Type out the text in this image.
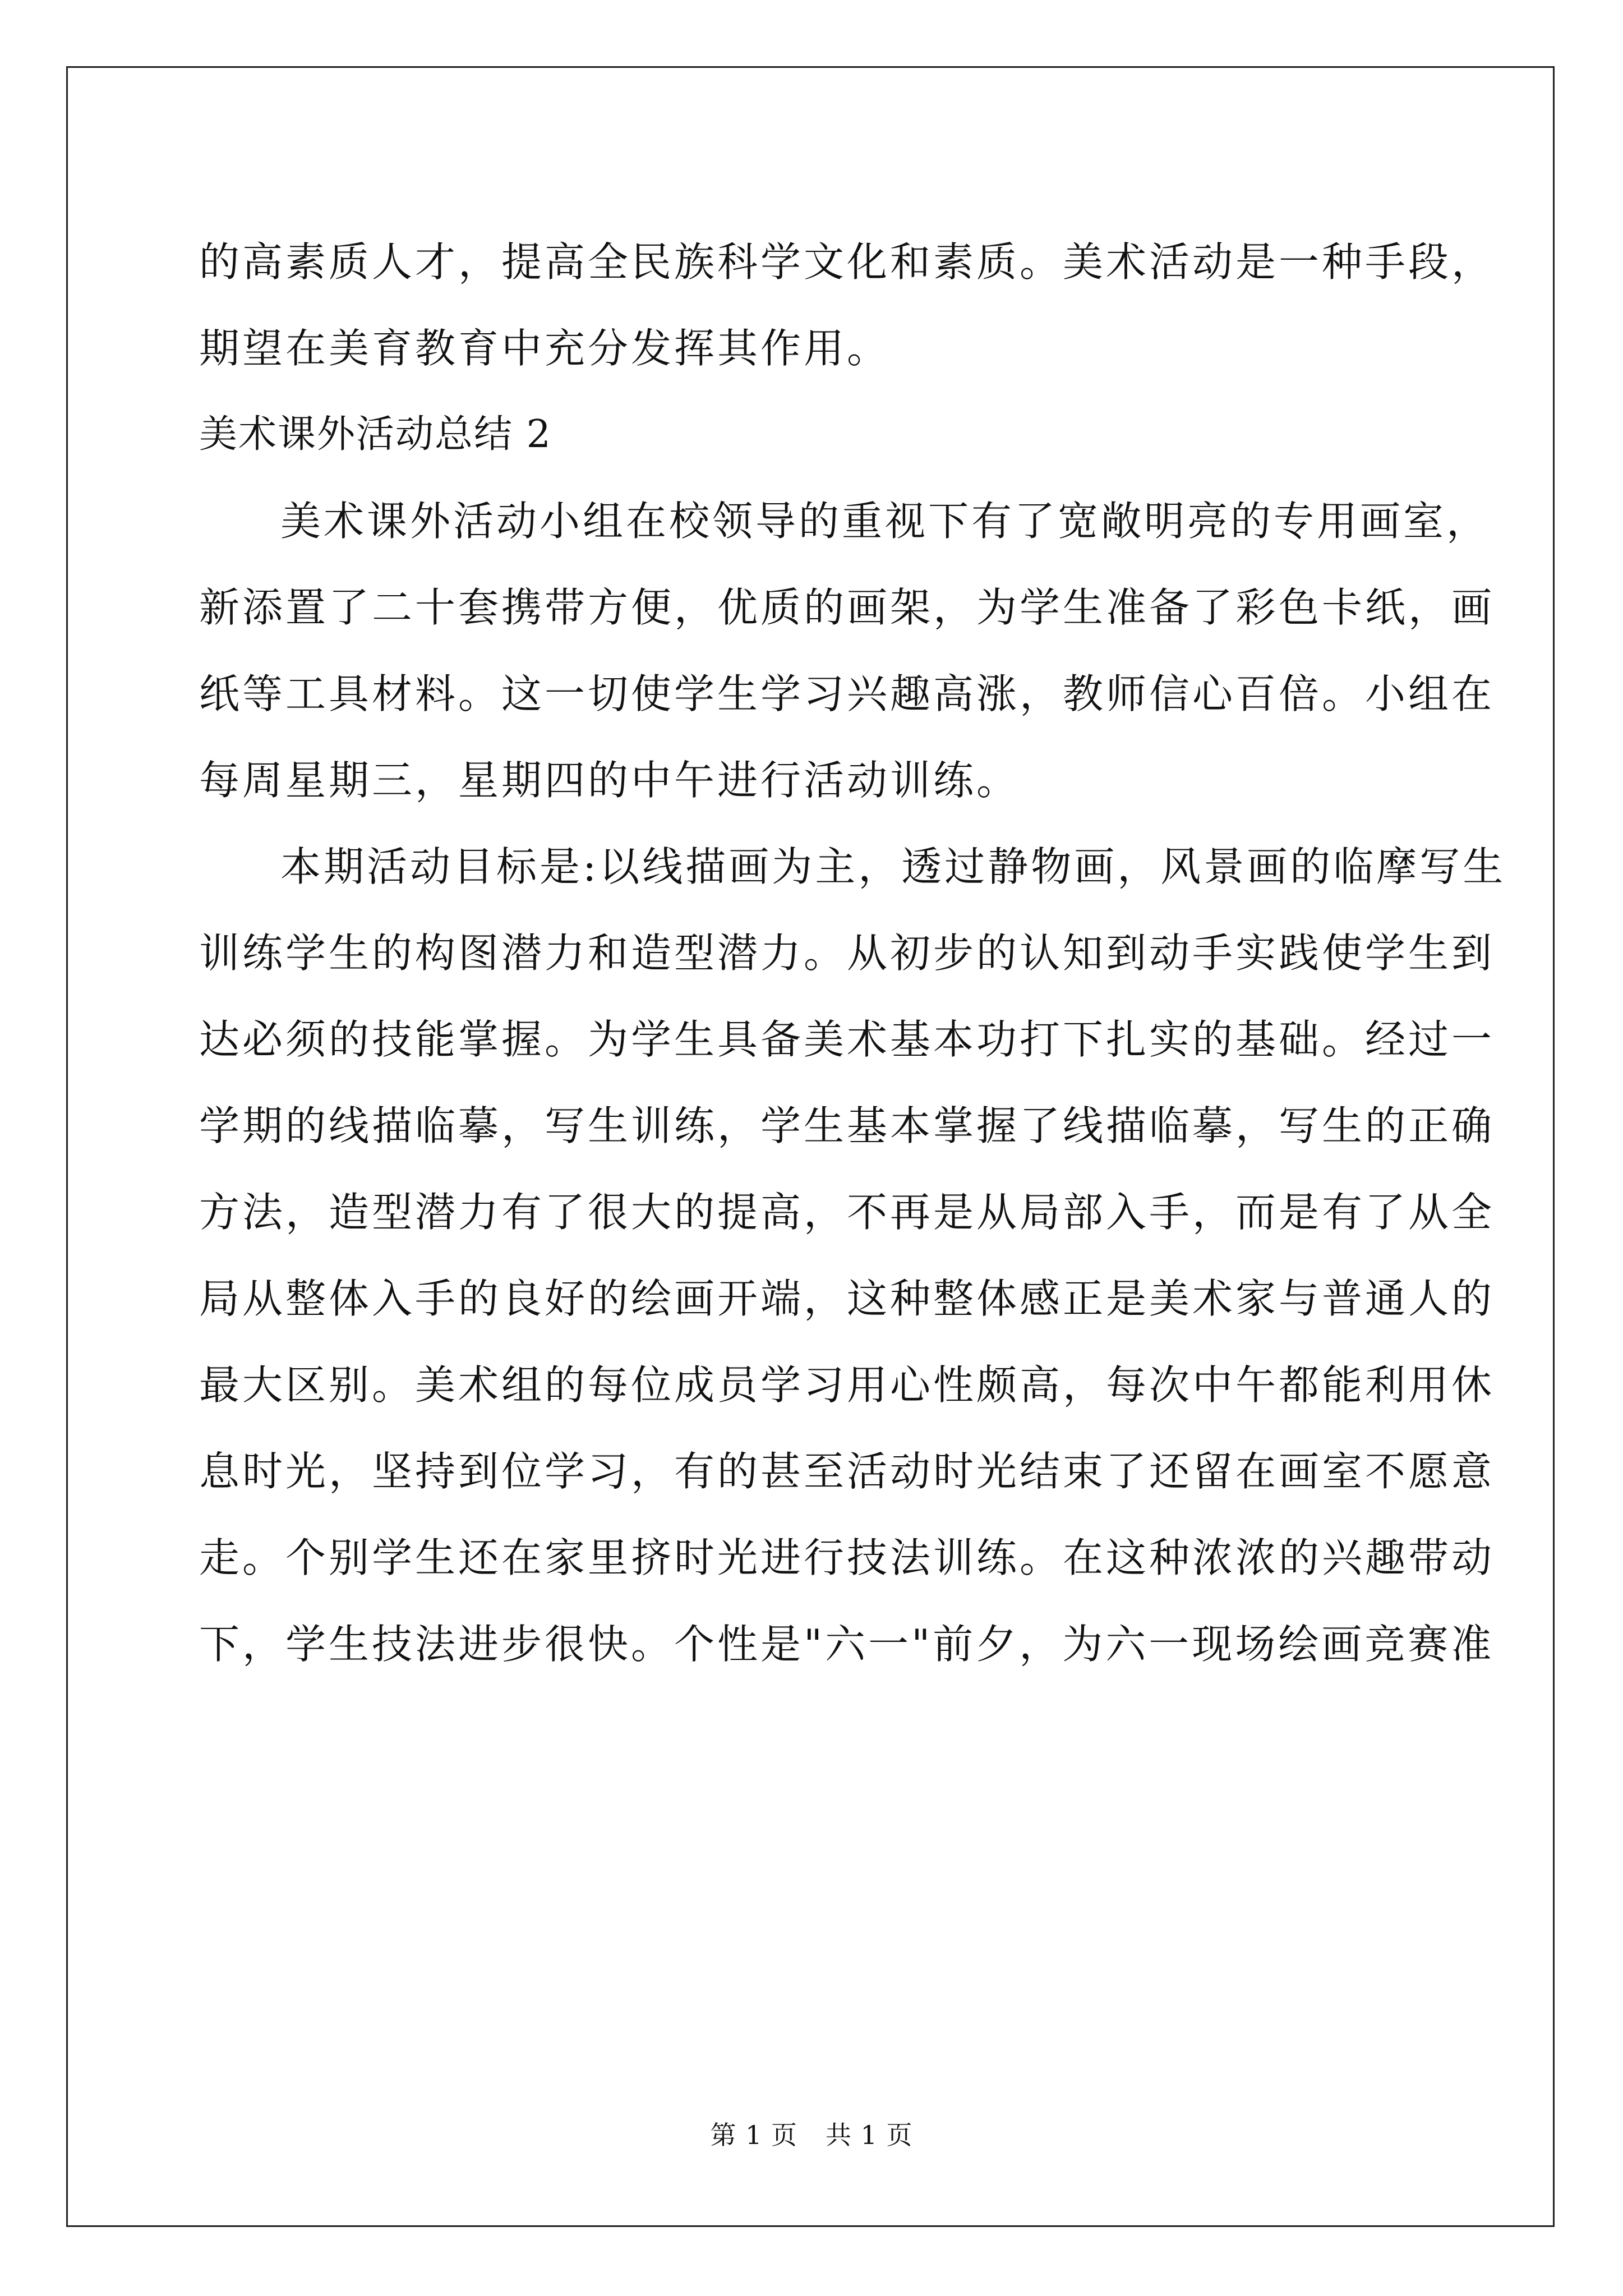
的高素质人才，提高全民族科学文化和素质。美术活动是一种手段，
期望在美育教育中充分发挥其作用。
美术课外活动总结 2
美术课外活动小组在校领导的重视下有了宽敞明亮的专用画室，
新添置了二十套携带方便，优质的画架，为学生准备了彩色卡纸，画
纸等工具材料。这一切使学生学习兴趣高涨，教师信心百倍。小组在
每周星期三，星期四的中午进行活动训练。
本期活动目标是:以线描画为主，透过静物画，风景画的临摩写生
训练学生的构图潜力和造型潜力。从初步的认知到动手实践使学生到
达必须的技能掌握。为学生具备美术基本功打下扎实的基础。经过一
学期的线描临摹，写生训练，学生基本掌握了线描临摹，写生的正确
方法，造型潜力有了很大的提高，不再是从局部入手，而是有了从全
局从整体入手的良好的绘画开端，这种整体感正是美术家与普通人的
最大区别。美术组的每位成员学习用心性颇高，每次中午都能利用休
息时光，坚持到位学习，有的甚至活动时光结束了还留在画室不愿意
走。个别学生还在家里挤时光进行技法训练。在这种浓浓的兴趣带动
下，学生技法进步很快。个性是"六一"前夕，为六一现场绘画竞赛准
第 1 页 共 1 页
